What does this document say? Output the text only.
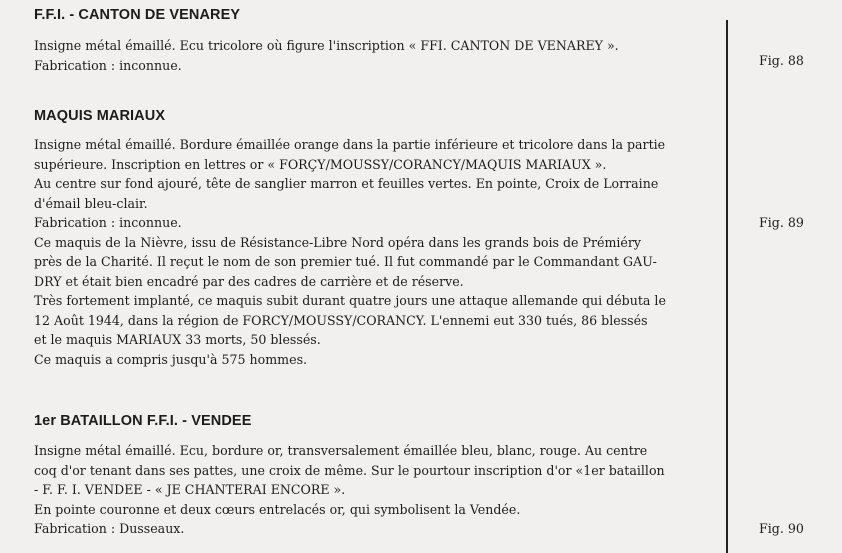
F.F.I. - CANTON DE VENAREY
Insigne métal émaillé. Ecu tricolore où figure l'inscription « FFI. CANTON DE VENAREY ».
Fabrication : inconnue.	Fig. 88
MAQUIS MARIAUX
Insigne métal émaillé. Bordure émaillée orange dans la partie inférieure et tricolore dans la partie
supérieure. Inscription en lettres or « FORÇY/MOUSSY/CORANCY/MAQUIS MARIAUX ».
Au centre sur fond ajouré, tête de sanglier marron et feuilles vertes. En pointe, Croix de Lorraine
d'émail bleu-clair.
Fabrication : inconnue.
Ce maquis de la Nièvre, issu de Résistance-Libre Nord opéra dans les grands bois de Prémiéry
près de la Charité. Il reçut le nom de son premier tué. Il fut commandé par le Commandant GAU-
DRY et était bien encadré par des cadres de carrière et de réserve.
Très fortement implanté, ce maquis subit durant quatre jours une attaque allemande qui débuta le
12 Août 1944, dans la région de FORCY/MOUSSY/CORANCY. L'ennemi eut 330 tués, 86 blessés
et le maquis MARIAUX 33 morts, 50 blessés.
Ce maquis a compris jusqu'à 575 hommes.
Fig. 89
1er BATAILLON F.F.I. - VENDEE
Insigne métal émaillé. Ecu, bordure or, transversalement émaillée bleu, blanc, rouge. Au centre
coq d'or tenant dans ses pattes, une croix de même. Sur le pourtour inscription d'or «1er bataillon
- F. F. I. VENDEE - « JE CHANTERAI ENCORE ».
En pointe couronne et deux cœurs entrelacés or, qui symbolisent la Vendée.
Fabrication : Dusseaux.	Fig. 90
